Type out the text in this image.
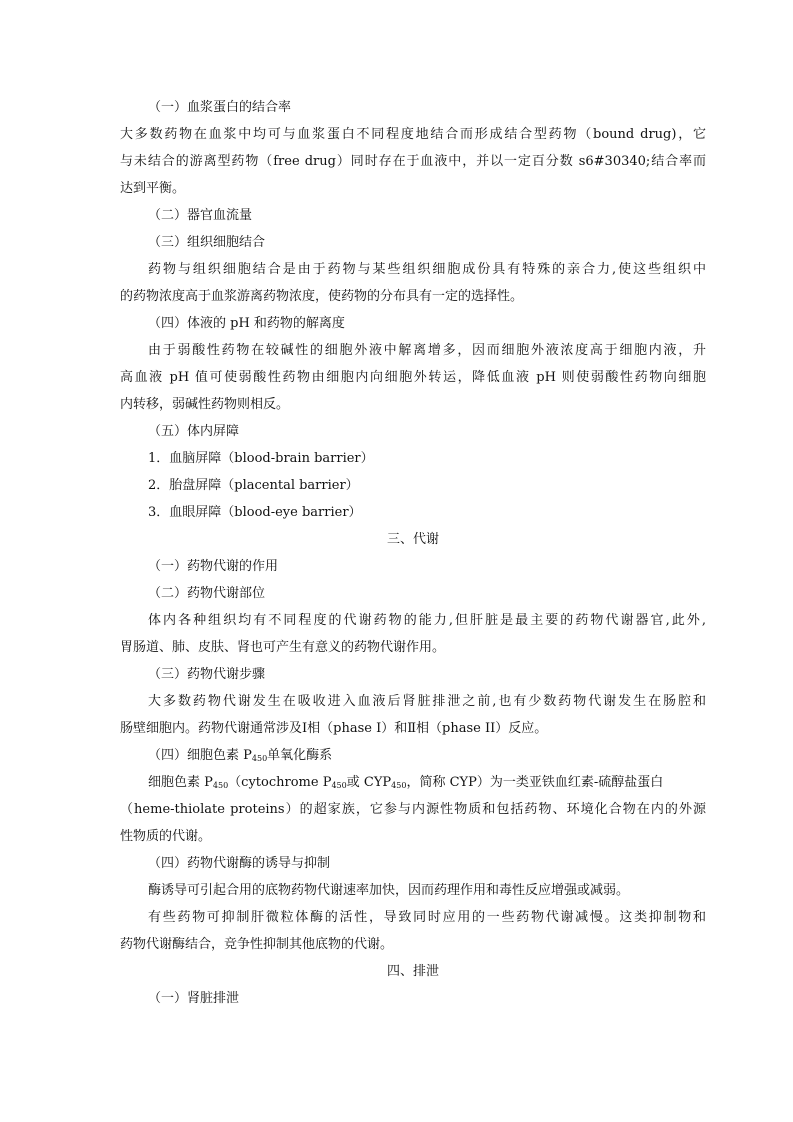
（一）血浆蛋白的结合率
大多数药物在血浆中均可与血浆蛋白不同程度地结合而形成结合型药物（bound drug)，它
与未结合的游离型药物（free drug）同时存在于血液中，并以一定百分数 s6#30340;结合率而
达到平衡。
（二）器官血流量
（三）组织细胞结合
药物与组织细胞结合是由于药物与某些组织细胞成份具有特殊的亲合力,使这些组织中
的药物浓度高于血浆游离药物浓度，使药物的分布具有一定的选择性。
（四）体液的 pH 和药物的解离度
由于弱酸性药物在较碱性的细胞外液中解离增多，因而细胞外液浓度高于细胞内液，升
高血液 pH 值可使弱酸性药物由细胞内向细胞外转运，降低血液 pH 则使弱酸性药物向细胞
内转移，弱碱性药物则相反。
（五）体内屏障
1．血脑屏障（blood-brain barrier）
2．胎盘屏障（placental barrier）
3．血眼屏障（blood-eye barrier）
三、代谢
（一）药物代谢的作用
（二）药物代谢部位
体内各种组织均有不同程度的代谢药物的能力,但肝脏是最主要的药物代谢器官,此外,
胃肠道、肺、皮肤、肾也可产生有意义的药物代谢作用。
（三）药物代谢步骤
大多数药物代谢发生在吸收进入血液后肾脏排泄之前,也有少数药物代谢发生在肠腔和
肠壁细胞内。药物代谢通常涉及Ⅰ相（phase I）和Ⅱ相（phase II）反应。
（四）细胞色素 $P_{450}$单氧化酶系
细胞色素 $P_{450}(cytochrome$ $P_{450}$或 $CYP_{450}$，简称 CYP）为一类亚铁血红素-硫醇盐蛋白
（heme-thiolate proteins）的超家族，它参与内源性物质和包括药物、环境化合物在内的外源
性物质的代谢。
（四）药物代谢酶的诱导与抑制
酶诱导可引起合用的底物药物代谢速率加快，因而药理作用和毒性反应增强或减弱。
有些药物可抑制肝微粒体酶的活性，导致同时应用的一些药物代谢减慢。这类抑制物和
药物代谢酶结合，竞争性抑制其他底物的代谢。
四、排泄
（一）肾脏排泄
